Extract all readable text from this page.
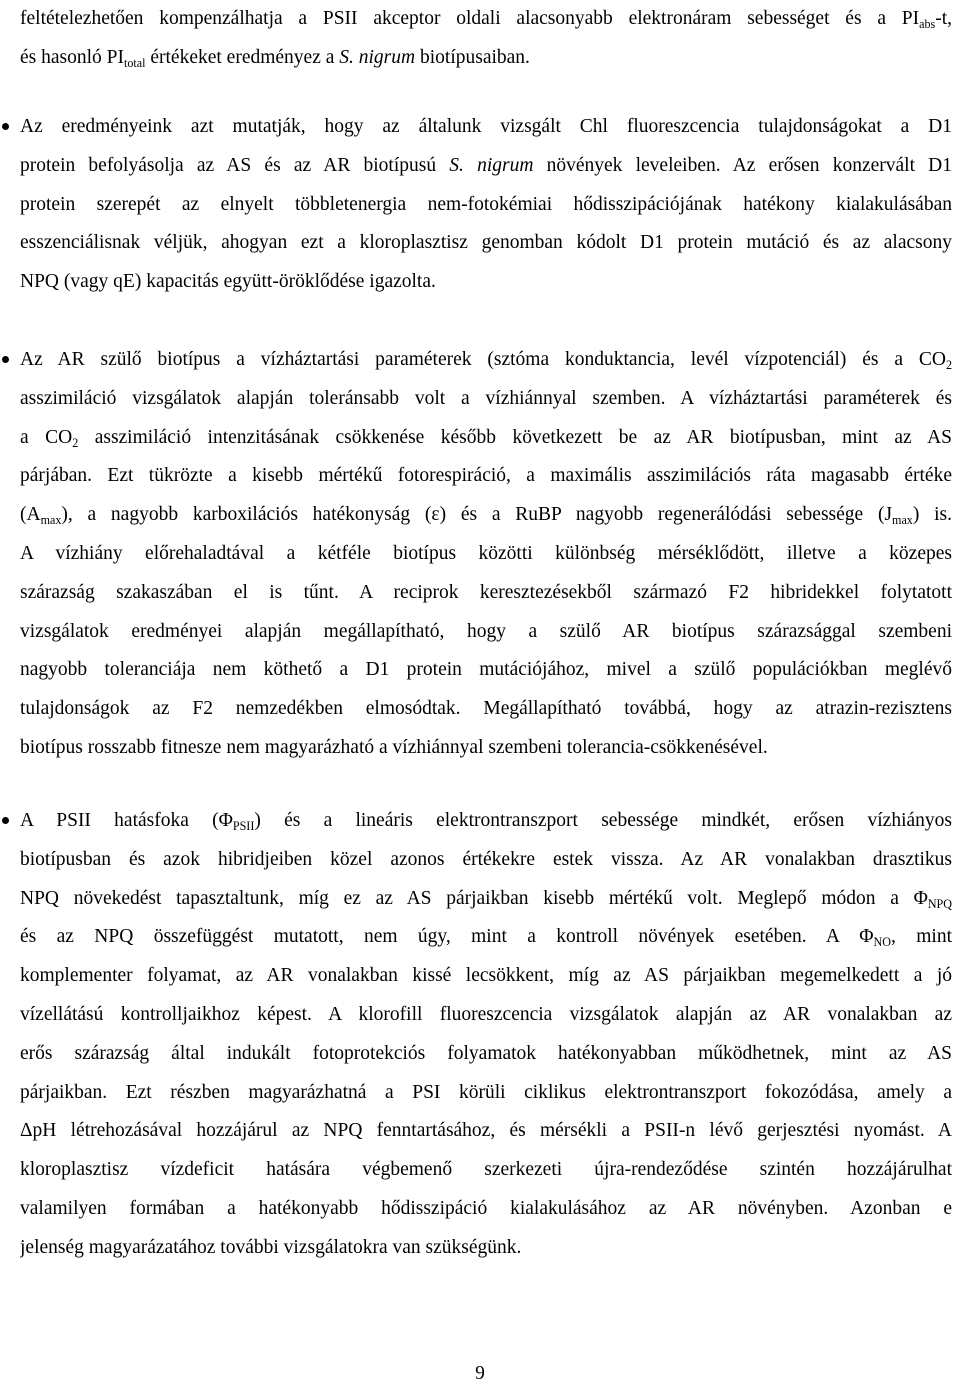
feltételezhetően kompenzálhatja a PSII akceptor oldali alacsonyabb elektronáram sebességet és a $PI_{abs}-t$,
és hasonló $PI_{total}$ értékeket eredményez a S. nigrum biotípusaiban.
Az eredményeink azt mutatják, hogy az általunk vizsgált Chl fluoreszcencia tulajdonságokat a D1
protein befolyásolja az AS és az AR biotípusú S. nigrum növények leveleiben. Az erősen konzervált D1
protein szerepét az elnyelt többletenergia nem-fotokémiai hődisszipációjának hatékony kialakulásában
esszenciálisnak véljük, ahogyan ezt a kloroplasztisz genomban kódolt D1 protein mutáció és az alacsony
NPQ (vagy qE) kapacitás együtt-öröklődése igazolta.
Az AR szülő biotípus a vízháztartási paraméterek (sztóma konduktancia, levél vízpotenciál) és a $CO_2$
asszimiláció vizsgálatok alapján toleránsabb volt a vízhiánnyal szemben. A vízháztartási paraméterek és
a $CO_2$ asszimiláció intenzitásának csökkenése később következett be az AR biotípusban, mint az AS
párjában. Ezt tükrözte a kisebb mértékű fotorespiráció, a maximális asszimilációs ráta magasabb értéke
$(A_{max})$, a nagyobb karboxilációs hatékonyság (ε) és a RuBP nagyobb regenerálódási sebessége $(J_{max})$ is.
A vízhiány előrehaladtával a kétféle biotípus közötti különbség mérséklődött, illetve a közepes
szárazság szakaszában el is tűnt. A reciprok keresztezésekből származó F2 hibridekkel folytatott
vizsgálatok eredményei alapján megállapítható, hogy a szülő AR biotípus szárazsággal szembeni
nagyobb toleranciája nem köthető a D1 protein mutációjához, mivel a szülő populációkban meglévő
tulajdonságok az F2 nemzedékben elmosódtak. Megállapítható továbbá, hogy az atrazin-rezisztens
biotípus rosszabb fitnesze nem magyarázható a vízhiánnyal szembeni tolerancia-csökkenésével.
A PSII hatásfoka $(\Phi_{PSII})$ és a lineáris elektrontranszport sebessége mindkét, erősen vízhiányos
biotípusban és azok hibridjeiben közel azonos értékekre estek vissza. Az AR vonalakban drasztikus
NPQ növekedést tapasztaltunk, míg ez az AS párjaikban kisebb mértékű volt. Meglepő módon a $\Phi_{NPQ}$
és az NPQ összefüggést mutatott, nem úgy, mint a kontroll növények esetében. A $\Phi_{NO}$, mint
komplementer folyamat, az AR vonalakban kissé lecsökkent, míg az AS párjaikban megemelkedett a jó
vízellátású kontrolljaikhoz képest. A klorofill fluoreszcencia vizsgálatok alapján az AR vonalakban az
erős szárazság által indukált fotoprotekciós folyamatok hatékonyabban működhetnek, mint az AS
párjaikban. Ezt részben magyarázhatná a PSI körüli ciklikus elektrontranszport fokozódása, amely a
ΔpH létrehozásával hozzájárul az NPQ fenntartásához, és mérsékli a PSII-n lévő gerjesztési nyomást. A
kloroplasztisz vízdeficit hatására végbemenő szerkezeti újra-rendeződése szintén hozzájárulhat
valamilyen formában a hatékonyabb hődisszipáció kialakulásához az AR növényben. Azonban e
jelenség magyarázatához további vizsgálatokra van szükségünk.
9
